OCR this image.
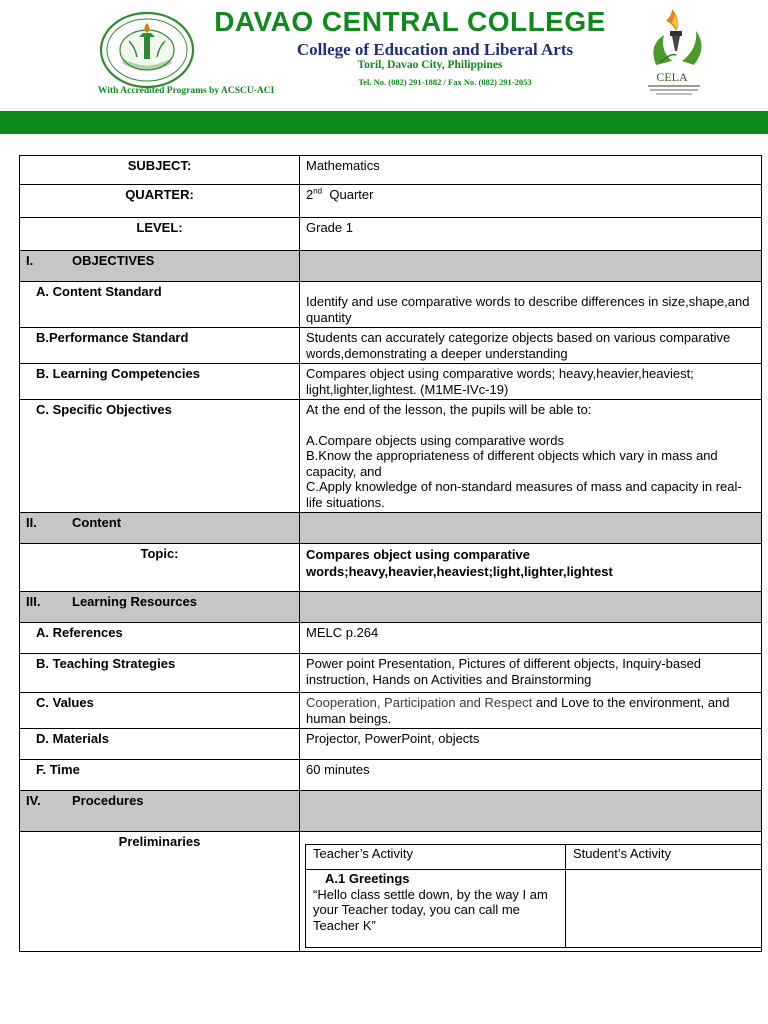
DAVAO CENTRAL COLLEGE
College of Education and Liberal Arts
Toril, Davao City, Philippines
Tel. No. (082) 291-1882 / Fax No. (082) 291-2053
With Accredited Programs by ACSCU-ACI
CELA
SUBJECT:	Mathematics
QUARTER:	2nd Quarter
LEVEL:	Grade 1
I.	OBJECTIVES	
A. Content Standard	Identify and use comparative words to describe differences in size,shape,and quantity
B.Performance Standard	Students can accurately categorize objects based on various comparative words,demonstrating a deeper understanding
B. Learning Competencies	Compares object using comparative words; heavy,heavier,heaviest; light,lighter,lightest. (M1ME-IVc-19)
C. Specific Objectives	At the end of the lesson, the pupils will be able to:
A.Compare objects using comparative words
B.Know the appropriateness of different objects which vary in mass and capacity, and
C.Apply knowledge of non-standard measures of mass and capacity in real-life situations.

II.	Content	
Topic:	Compares object using comparative words;heavy,heavier,heaviest;light,lighter,lightest
III. Learning Resources	
A. References	MELC p.264
B. Teaching Strategies	Power point Presentation, Pictures of different objects, Inquiry-based instruction, Hands on Activities and Brainstorming
C. Values	Cooperation, Participation and Respect and Love to the environment, and human beings.
D. Materials	Projector, PowerPoint, objects
F. Time	60 minutes
IV. Procedures	
Preliminaries	
Teacher’s Activity	Student’s Activity

A.1 Greetings
“Hello class settle down, by the way I am your Teacher today, you can call me Teacher K”
